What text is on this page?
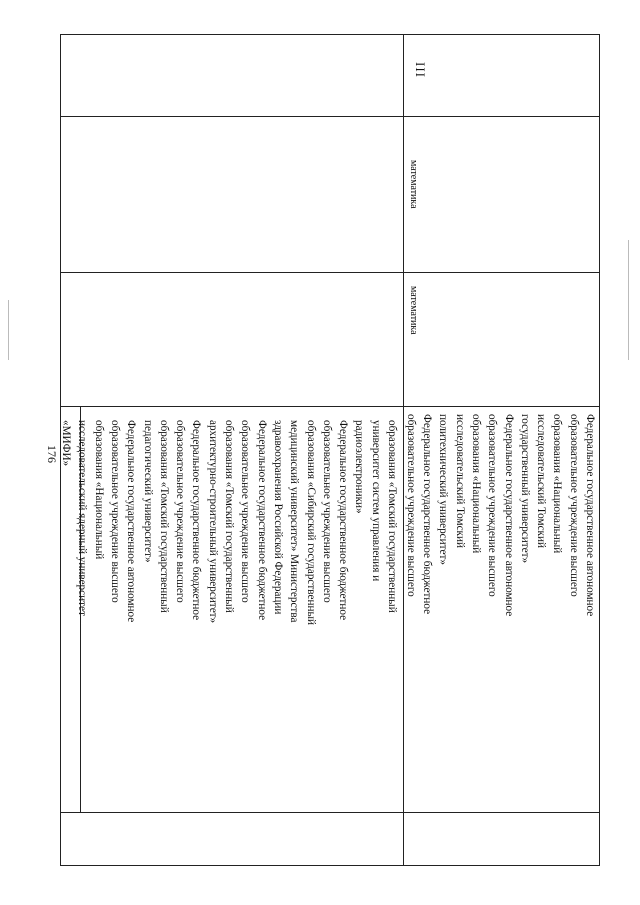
176	образования «Томский государственный

университет систем управления и

радиоэлектроники»

Федеральное государственное бюджетное

образовательное учреждение высшего

образования «Сибирский государственный

медицинский университет» Министерства

здравоохранения Российской Федерации

Федеральное государственное бюджетное

образовательное учреждение высшего

образования «Томский государственный

архитектурно-строительный университет»

Федеральное государственное бюджетное

образовательное учреждение высшего

образования «Томский государственный

педагогический университет»

Федеральное государственное автономное

образовательное учреждение высшего

образования «Национальный

исследовательский ядерный университет

«МИФИ»	Федеральное государственное автономное

образовательное учреждение высшего

образования «Национальный

исследовательский Томский

государственный университет»

Федеральное государственное автономное

образовательное учреждение высшего

образования «Национальный

исследовательский Томский

политехнический университет»

Федеральное государственное бюджетное

образовательное учреждение высшего

математика
математика
III
